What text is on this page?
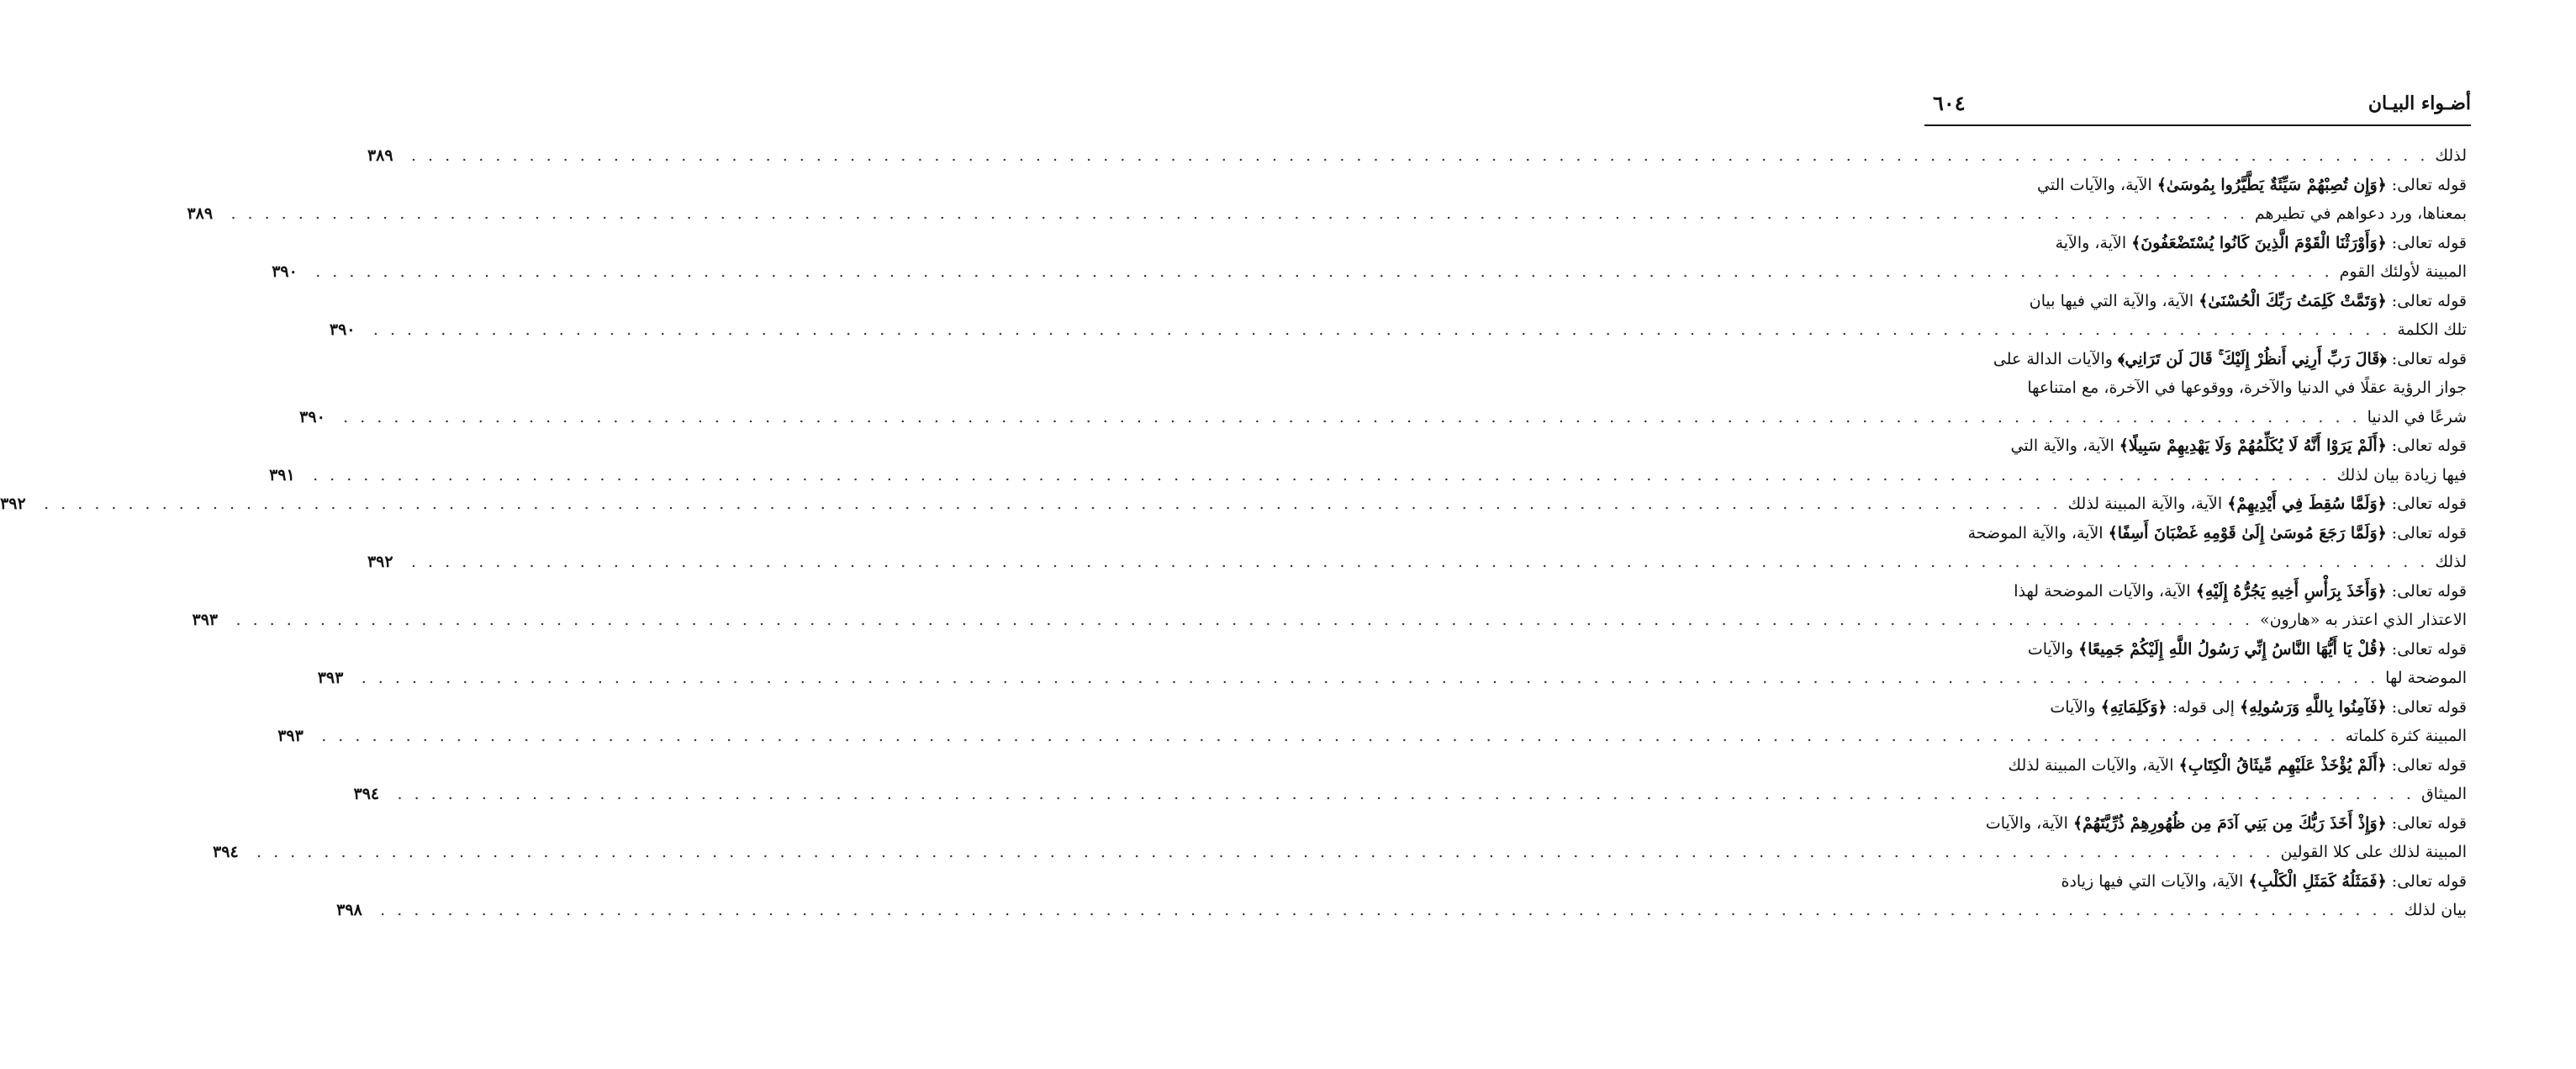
أضـواء البيـان
٦٠٤
لذلك
. . . . . . . . . . . . . . . . . . . . . . . . . . . . . . . . . . . . . . . . . . . . . . . . . . . . . . . . . . . . . . . . . . . . . . . . . . . . . . . . . . . . . . . . . . . . . . . . . . . . . . . . . . . . . . . . . . . . . . . .
٣٨٩
قوله تعالى: ﴿وَإِن تُصِبْهُمْ سَيِّئَةٌ يَطَّيَّرُوا بِمُوسَىٰ﴾ الآية، والآيات التي
بمعناها، ورد دعواهم في تطيرهم
. . . . . . . . . . . . . . . . . . . . . . . . . . . . . . . . . . . . . . . . . . . . . . . . . . . . . . . . . . . . . . . . . . . . . . . . . . . . . . . . . . . . . . . . . . . . . . . . . . . . . . . . . . . . . . . . . . . . . . . .
٣٨٩
قوله تعالى: ﴿وَأَوْرَثْنَا الْقَوْمَ الَّذِينَ كَانُوا يُسْتَضْعَفُونَ﴾ الآية، والآية
المبينة لأولئك القوم
. . . . . . . . . . . . . . . . . . . . . . . . . . . . . . . . . . . . . . . . . . . . . . . . . . . . . . . . . . . . . . . . . . . . . . . . . . . . . . . . . . . . . . . . . . . . . . . . . . . . . . . . . . . . . . . . . . . . . . . .
٣٩٠
قوله تعالى: ﴿وَتَمَّتْ كَلِمَتُ رَبِّكَ الْحُسْنَىٰ﴾ الآية، والآية التي فيها بيان
تلك الكلمة
. . . . . . . . . . . . . . . . . . . . . . . . . . . . . . . . . . . . . . . . . . . . . . . . . . . . . . . . . . . . . . . . . . . . . . . . . . . . . . . . . . . . . . . . . . . . . . . . . . . . . . . . . . . . . . . . . . . . . . . .
٣٩٠
قوله تعالى: ﴿قَالَ رَبِّ أَرِنِي أَنظُرْ إِلَيْكَ ۚ قَالَ لَن تَرَانِي﴾ والآيات الدالة على
جواز الرؤية عقلًا في الدنيا والآخرة، ووقوعها في الآخرة، مع امتناعها
شرعًا في الدنيا
. . . . . . . . . . . . . . . . . . . . . . . . . . . . . . . . . . . . . . . . . . . . . . . . . . . . . . . . . . . . . . . . . . . . . . . . . . . . . . . . . . . . . . . . . . . . . . . . . . . . . . . . . . . . . . . . . . . . . . . .
٣٩٠
قوله تعالى: ﴿أَلَمْ يَرَوْا أَنَّهُ لَا يُكَلِّمُهُمْ وَلَا يَهْدِيهِمْ سَبِيلًا﴾ الآية، والآية التي
فيها زيادة بيان لذلك
. . . . . . . . . . . . . . . . . . . . . . . . . . . . . . . . . . . . . . . . . . . . . . . . . . . . . . . . . . . . . . . . . . . . . . . . . . . . . . . . . . . . . . . . . . . . . . . . . . . . . . . . . . . . . . . . . . . . . . . .
٣٩١
قوله تعالى: ﴿وَلَمَّا سُقِطَ فِي أَيْدِيهِمْ﴾ الآية، والآية المبينة لذلك
. . . . . . . . . . . . . . . . . . . . . . . . . . . . . . . . . . . . . . . . . . . . . . . . . . . . . . . . . . . . . . . . . . . . . . . . . . . . . . . . . . . . . . . . . . . . . . . . . . . . . . . . . . . . . . . . . . . . . . . .
٣٩٢
قوله تعالى: ﴿وَلَمَّا رَجَعَ مُوسَىٰ إِلَىٰ قَوْمِهِ غَضْبَانَ أَسِفًا﴾ الآية، والآية الموضحة
لذلك
. . . . . . . . . . . . . . . . . . . . . . . . . . . . . . . . . . . . . . . . . . . . . . . . . . . . . . . . . . . . . . . . . . . . . . . . . . . . . . . . . . . . . . . . . . . . . . . . . . . . . . . . . . . . . . . . . . . . . . . .
٣٩٢
قوله تعالى: ﴿وَأَخَذَ بِرَأْسِ أَخِيهِ يَجُرُّهُ إِلَيْهِ﴾ الآية، والآيات الموضحة لهذا
الاعتذار الذي اعتذر به «هارون»
. . . . . . . . . . . . . . . . . . . . . . . . . . . . . . . . . . . . . . . . . . . . . . . . . . . . . . . . . . . . . . . . . . . . . . . . . . . . . . . . . . . . . . . . . . . . . . . . . . . . . . . . . . . . . . . . . . . . . . . .
٣٩٣
قوله تعالى: ﴿قُلْ يَا أَيُّهَا النَّاسُ إِنِّي رَسُولُ اللَّهِ إِلَيْكُمْ جَمِيعًا﴾ والآيات
الموضحة لها
. . . . . . . . . . . . . . . . . . . . . . . . . . . . . . . . . . . . . . . . . . . . . . . . . . . . . . . . . . . . . . . . . . . . . . . . . . . . . . . . . . . . . . . . . . . . . . . . . . . . . . . . . . . . . . . . . . . . . . . .
٣٩٣
قوله تعالى: ﴿فَآمِنُوا بِاللَّهِ وَرَسُولِهِ﴾ إلى قوله: ﴿وَكَلِمَاتِهِ﴾ والآيات
المبينة كثرة كلماته
. . . . . . . . . . . . . . . . . . . . . . . . . . . . . . . . . . . . . . . . . . . . . . . . . . . . . . . . . . . . . . . . . . . . . . . . . . . . . . . . . . . . . . . . . . . . . . . . . . . . . . . . . . . . . . . . . . . . . . . .
٣٩٣
قوله تعالى: ﴿أَلَمْ يُؤْخَذْ عَلَيْهِم مِّيثَاقُ الْكِتَابِ﴾ الآية، والآيات المبينة لذلك
الميثاق
. . . . . . . . . . . . . . . . . . . . . . . . . . . . . . . . . . . . . . . . . . . . . . . . . . . . . . . . . . . . . . . . . . . . . . . . . . . . . . . . . . . . . . . . . . . . . . . . . . . . . . . . . . . . . . . . . . . . . . . .
٣٩٤
قوله تعالى: ﴿وَإِذْ أَخَذَ رَبُّكَ مِن بَنِي آدَمَ مِن ظُهُورِهِمْ ذُرِّيَّتَهُمْ﴾ الآية، والآيات
المبينة لذلك على كلا القولين
. . . . . . . . . . . . . . . . . . . . . . . . . . . . . . . . . . . . . . . . . . . . . . . . . . . . . . . . . . . . . . . . . . . . . . . . . . . . . . . . . . . . . . . . . . . . . . . . . . . . . . . . . . . . . . . . . . . . . . . .
٣٩٤
قوله تعالى: ﴿فَمَثَلُهُ كَمَثَلِ الْكَلْبِ﴾ الآية، والآيات التي فيها زيادة
بيان لذلك
. . . . . . . . . . . . . . . . . . . . . . . . . . . . . . . . . . . . . . . . . . . . . . . . . . . . . . . . . . . . . . . . . . . . . . . . . . . . . . . . . . . . . . . . . . . . . . . . . . . . . . . . . . . . . . . . . . . . . . . .
٣٩٨
